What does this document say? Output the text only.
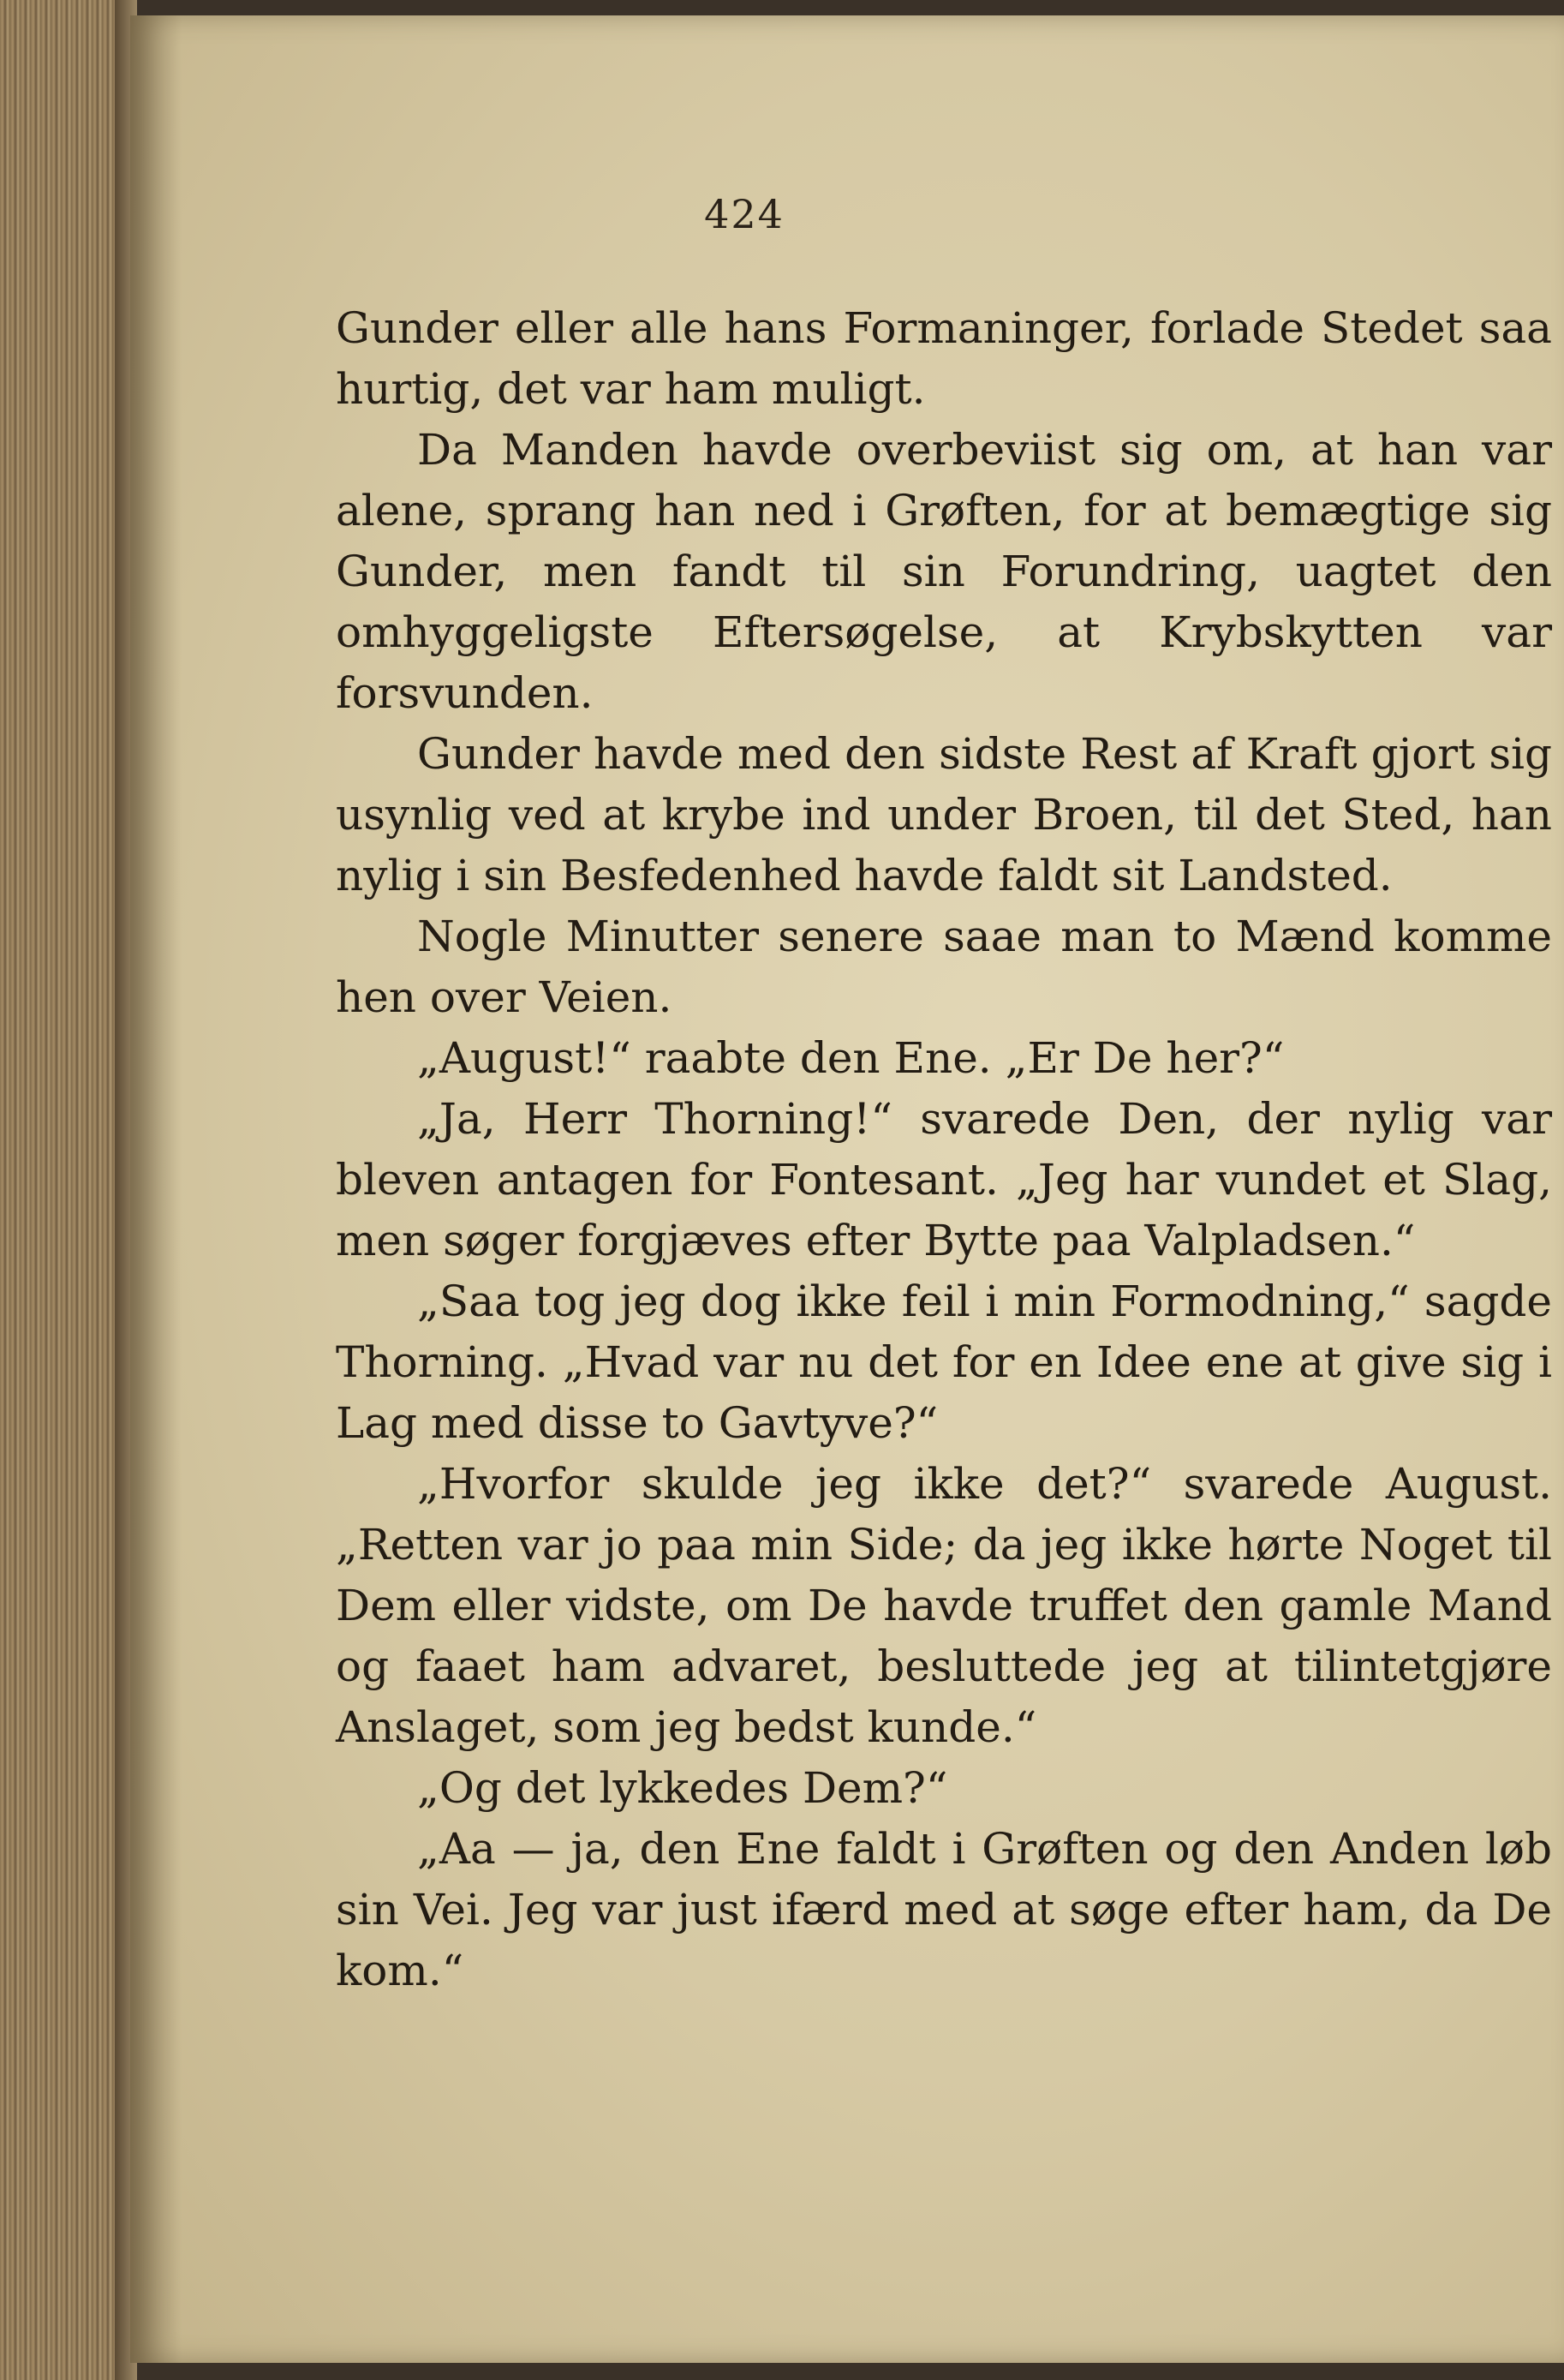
424

Gunder eller alle hans Formaninger, forlade Stedet saa hurtig, det var ham muligt.

Da Manden havde overbeviist sig om, at han var alene, sprang han ned i Grøften, for at bemægtige sig Gunder, men fandt til sin Forundring, uagtet den omhyggeligste Eftersøgelse, at Krybskytten var forsvunden.

Gunder havde med den sidste Rest af Kraft gjort sig usynlig ved at krybe ind under Broen, til det Sted, han nylig i sin Besfedenhed havde faldt sit Landsted.

Nogle Minutter senere saae man to Mænd komme hen over Veien.

„August!“ raabte den Ene. „Er De her?“

„Ja, Herr Thorning!“ svarede Den, der nylig var bleven antagen for Fontesant. „Jeg har vundet et Slag, men søger forgjæves efter Bytte paa Valpladsen.“

„Saa tog jeg dog ikke feil i min Formodning,“ sagde Thorning. „Hvad var nu det for en Idee ene at give sig i Lag med disse to Gavtyve?“

„Hvorfor skulde jeg ikke det?“ svarede August. „Retten var jo paa min Side; da jeg ikke hørte Noget til Dem eller vidste, om De havde truffet den gamle Mand og faaet ham advaret, besluttede jeg at tilintetgjøre Anslaget, som jeg bedst kunde.“

„Og det lykkedes Dem?“

„Aa — ja, den Ene faldt i Grøften og den Anden løb sin Vei. Jeg var just ifærd med at søge efter ham, da De kom.“
